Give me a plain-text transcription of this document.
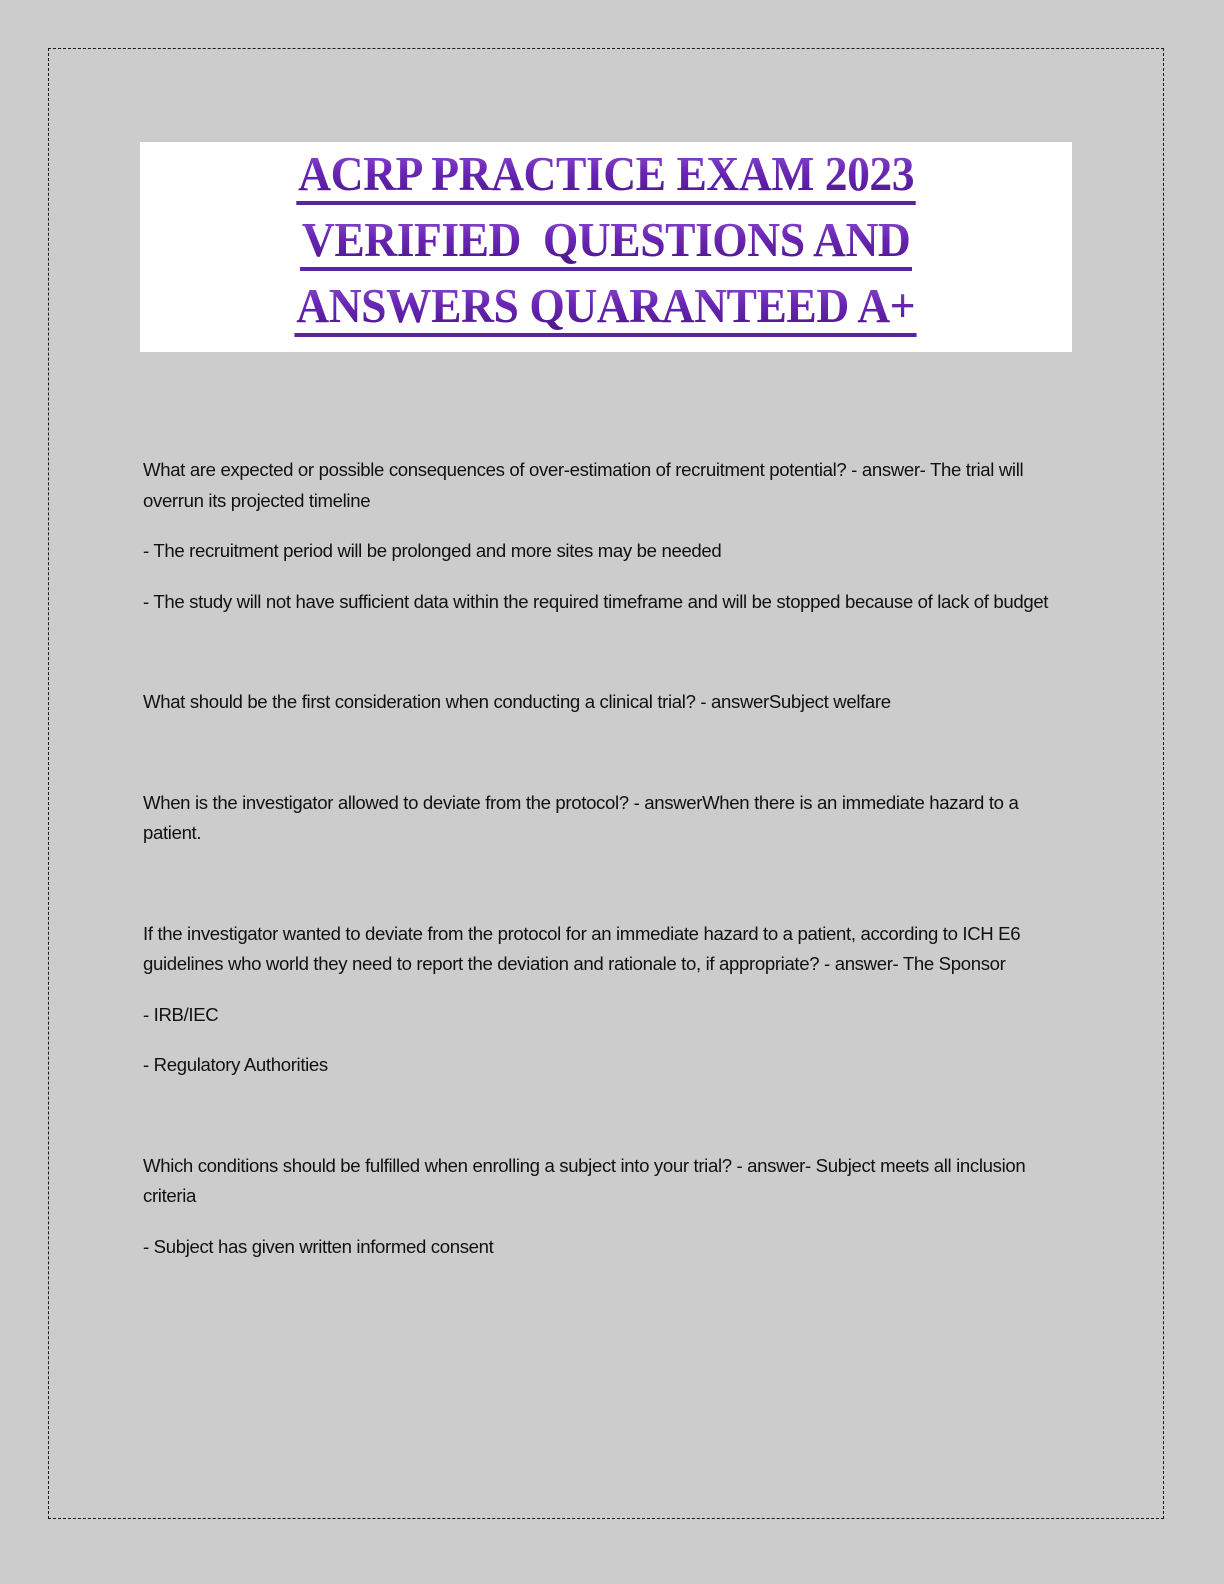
ACRP PRACTICE EXAM 2023
VERIFIED  QUESTIONS AND
ANSWERS QUARANTEED A+

What are expected or possible consequences of over-estimation of recruitment potential? - answer- The trial will overrun its projected timeline

- The recruitment period will be prolonged and more sites may be needed

- The study will not have sufficient data within the required timeframe and will be stopped because of lack of budget

What should be the first consideration when conducting a clinical trial? - answerSubject welfare

When is the investigator allowed to deviate from the protocol? - answerWhen there is an immediate hazard to a patient.

If the investigator wanted to deviate from the protocol for an immediate hazard to a patient, according to ICH E6 guidelines who world they need to report the deviation and rationale to, if appropriate? - answer- The Sponsor

- IRB/IEC

- Regulatory Authorities

Which conditions should be fulfilled when enrolling a subject into your trial? - answer- Subject meets all inclusion criteria

- Subject has given written informed consent
